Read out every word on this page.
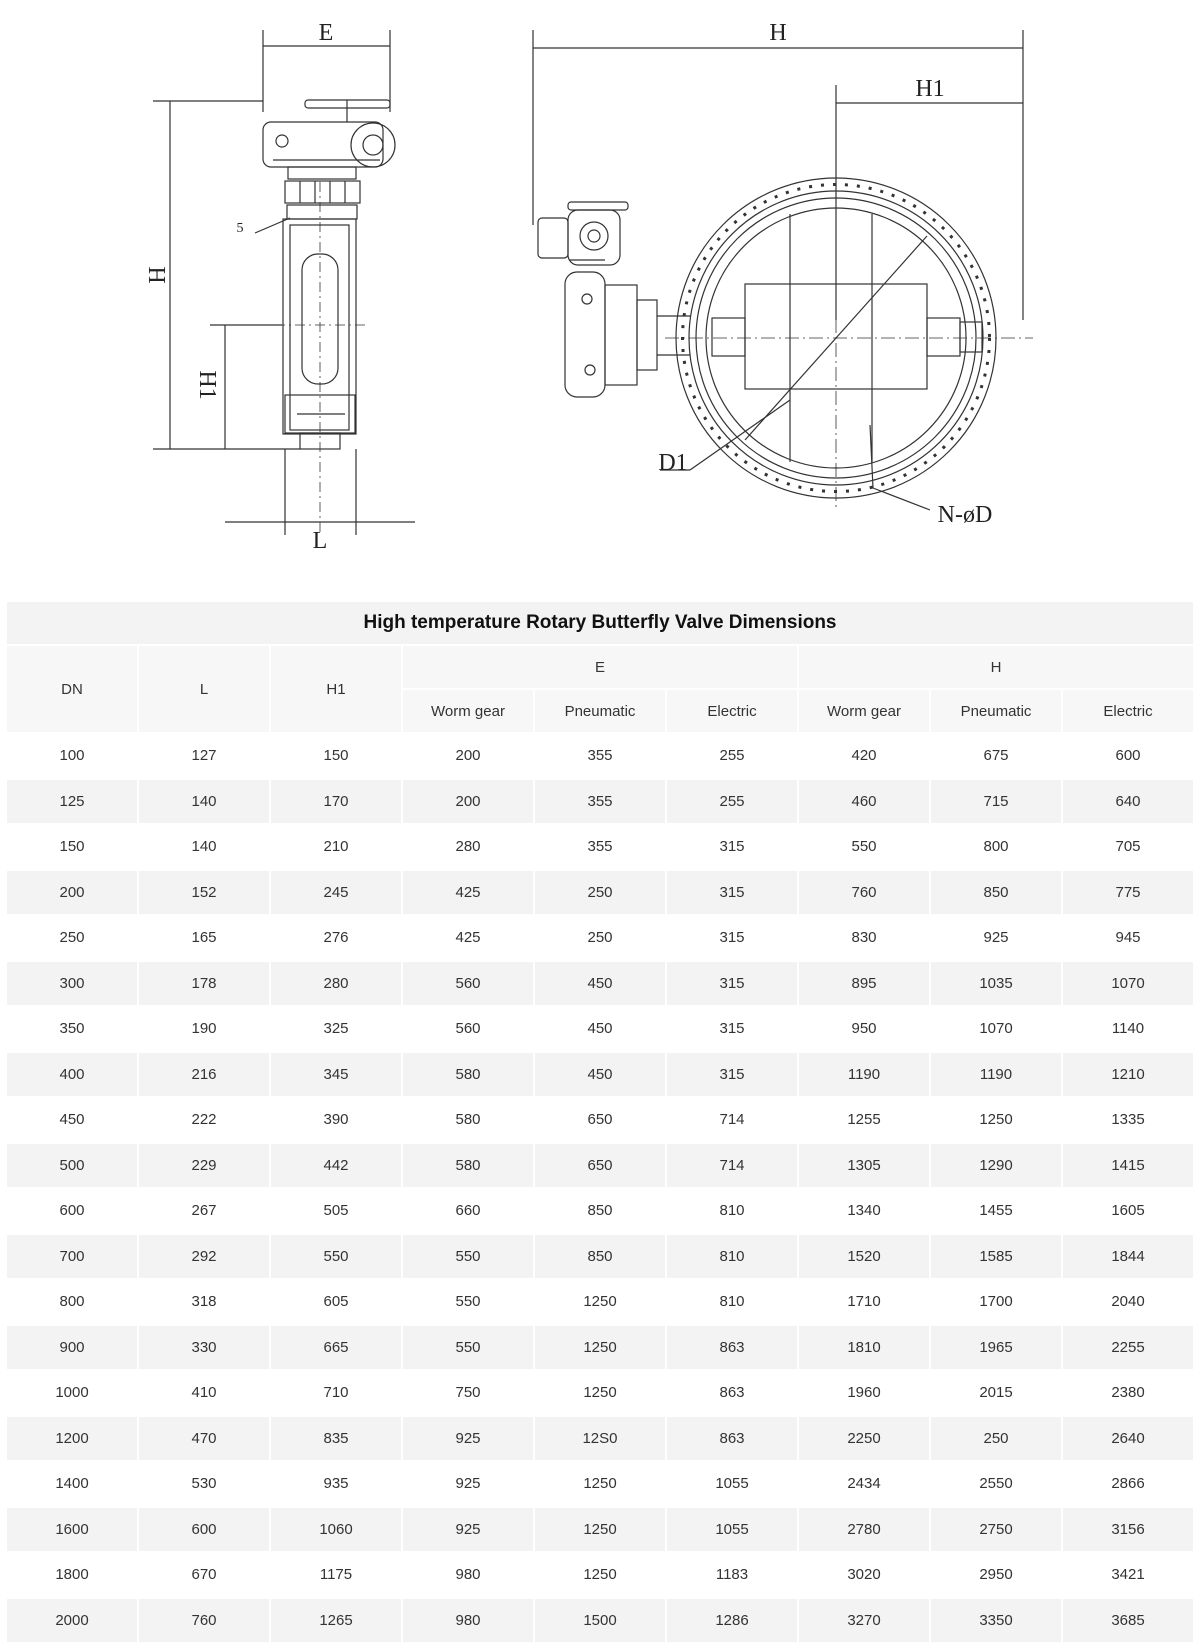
E
H
H1
L
5
H
H1
D1
N-øD
High temperature Rotary Butterfly Valve Dimensions								
DN	L	H1	E			H		
			Worm gear	Pneumatic	Electric	Worm gear	Pneumatic	Electric
100	127	150	200	355	255	420	675	600
125	140	170	200	355	255	460	715	640
150	140	210	280	355	315	550	800	705
200	152	245	425	250	315	760	850	775
250	165	276	425	250	315	830	925	945
300	178	280	560	450	315	895	1035	1070
350	190	325	560	450	315	950	1070	1140
400	216	345	580	450	315	1190	1190	1210
450	222	390	580	650	714	1255	1250	1335
500	229	442	580	650	714	1305	1290	1415
600	267	505	660	850	810	1340	1455	1605
700	292	550	550	850	810	1520	1585	1844
800	318	605	550	1250	810	1710	1700	2040
900	330	665	550	1250	863	1810	1965	2255
1000	410	710	750	1250	863	1960	2015	2380
1200	470	835	925	12S0	863	2250	250	2640
1400	530	935	925	1250	1055	2434	2550	2866
1600	600	1060	925	1250	1055	2780	2750	3156
1800	670	1175	980	1250	1183	3020	2950	3421
2000	760	1265	980	1500	1286	3270	3350	3685
